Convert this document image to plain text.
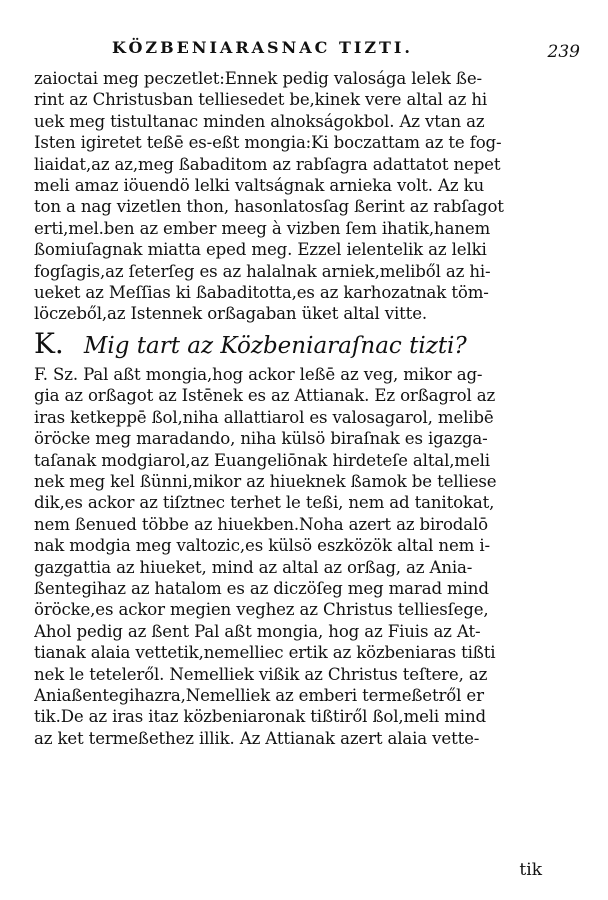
KÖZBENIARASNAC TIZTI.	239
zaioctai meg peczetlet:Ennek pedig valosága lelek ße-
rint az Christusban telliesedet be,kinek vere altal az hi
uek meg tistultanac minden alnokságokbol. Az vtan az
Isten igiretet teßē es-eßt mongia:Ki boczattam az te fog-
liaidat,az az,meg ßabaditom az rabſagra adattatot nepet
meli amaz iöuendö lelki valtságnak arnieka volt. Az ku
ton a nag vizetlen thon, hasonlatosſag ßerint az rabſagot
erti,mel.ben az ember meeg à vizben ſem ihatik,hanem
ßomiuſagnak miatta eped meg. Ezzel ielentelik az lelki
fogſagis,az ſeterſeg es az halalnak arniek,meliből az hi-
ueket az Meſſias ki ßabaditotta,es az karhozatnak töm-
löczeből,az Istennek orßagaban üket altal vitte.
K. Mig tart az Közbeniaraſnac tizti?
F. Sz. Pal aßt mongia,hog ackor leßē az veg, mikor ag-
gia az orßagot az Istēnek es az Attianak. Ez orßagrol az
iras ketkeppē ßol,niha allattiarol es valosagarol, melibē
öröcke meg maradando, niha külsö biraſnak es igazga-
taſanak modgiarol,az Euangeliōnak hirdeteſe altal,meli
nek meg kel ßünni,mikor az hiueknek ßamok be telliese
dik,es ackor az tiſztnec terhet le teßi, nem ad tanitokat,
nem ßenued többe az hiuekben.Noha azert az birodalō
nak modgia meg valtozic,es külsö eszközök altal nem i-
gazgattia az hiueket, mind az altal az orßag, az Ania-
ßentegihaz az hatalom es az diczöſeg meg marad mind
öröcke,es ackor megien veghez az Christus telliesſege,
Ahol pedig az ßent Pal aßt mongia, hog az Fiuis az At-
tianak alaia vettetik,nemelliec ertik az közbeniaras tißti
nek le teteleről. Nemelliek vißik az Christus teſtere, az
Aniaßentegihazra,Nemelliek az emberi termeßetről er
tik.De az iras itaz közbeniaronak tißtiről ßol,meli mind
az ket termeßethez illik. Az Attianak azert alaia vette-
tik
